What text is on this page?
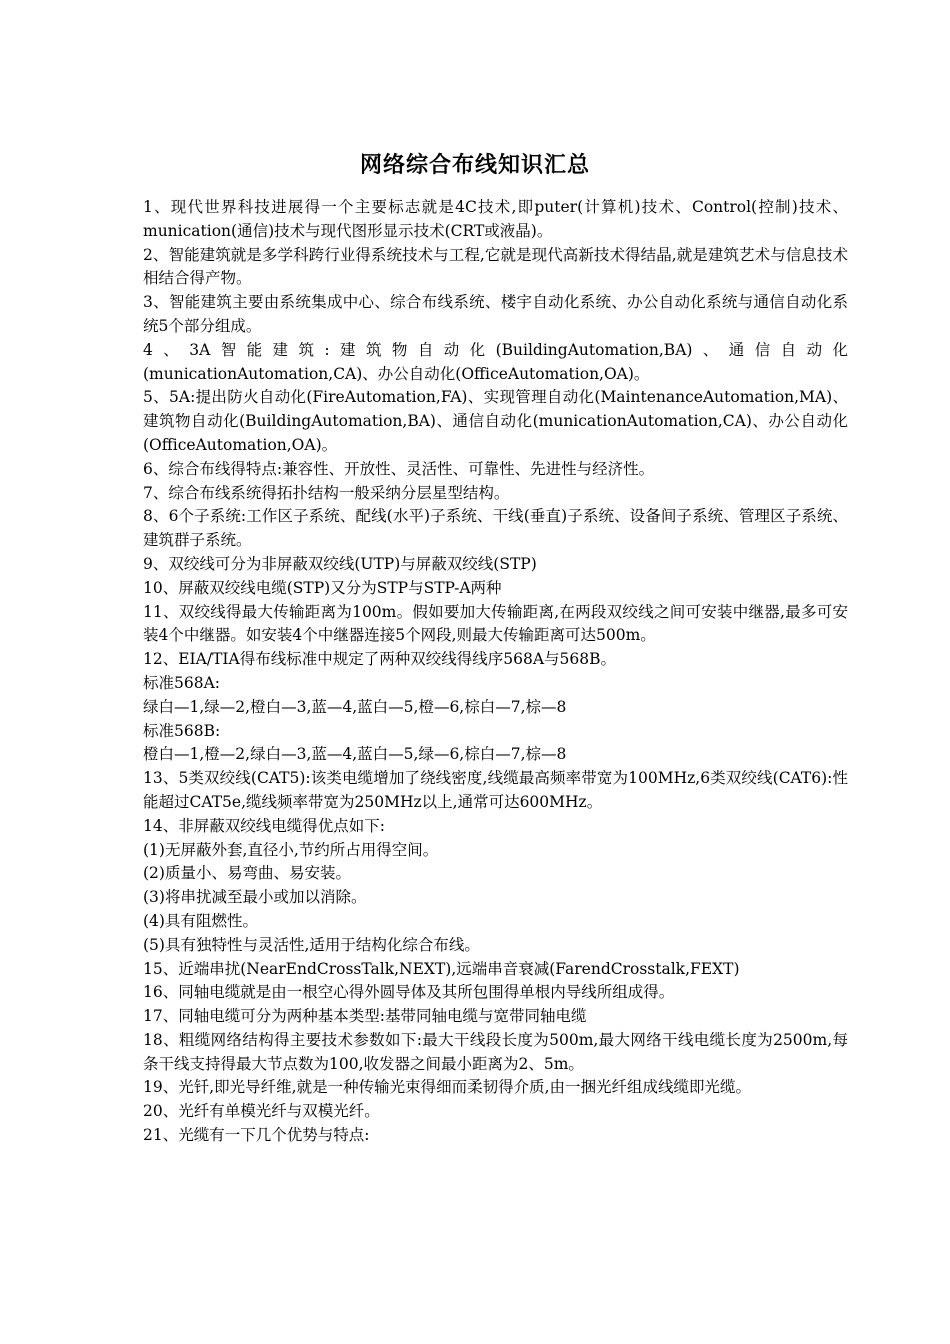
网络综合布线知识汇总

1、现代世界科技进展得一个主要标志就是4C技术,即puter(计算机)技术、Control(控制)技术、munication(通信)技术与现代图形显示技术(CRT或液晶)。

2、智能建筑就是多学科跨行业得系统技术与工程,它就是现代高新技术得结晶,就是建筑艺术与信息技术相结合得产物。

3、智能建筑主要由系统集成中心、综合布线系统、楼宇自动化系统、办公自动化系统与通信自动化系统5个部分组成。

4、3A智能建筑:建筑物自动化(BuildingAutomation,BA)、通信自动化(municationAutomation,CA)、办公自动化(OfficeAutomation,OA)。

5、5A:提出防火自动化(FireAutomation,FA)、实现管理自动化(MaintenanceAutomation,MA)、建筑物自动化(BuildingAutomation,BA)、通信自动化(municationAutomation,CA)、办公自动化(OfficeAutomation,OA)。

6、综合布线得特点:兼容性、开放性、灵活性、可靠性、先进性与经济性。

7、综合布线系统得拓扑结构一般采纳分层星型结构。

8、6个子系统:工作区子系统、配线(水平)子系统、干线(垂直)子系统、设备间子系统、管理区子系统、建筑群子系统。

9、双绞线可分为非屏蔽双绞线(UTP)与屏蔽双绞线(STP)

10、屏蔽双绞线电缆(STP)又分为STP与STP-A两种

11、双绞线得最大传输距离为100m。假如要加大传输距离,在两段双绞线之间可安装中继器,最多可安装4个中继器。如安装4个中继器连接5个网段,则最大传输距离可达500m。

12、EIA/TIA得布线标准中规定了两种双绞线得线序568A与568B。

标准568A:

绿白—1,绿—2,橙白—3,蓝—4,蓝白—5,橙—6,棕白—7,棕—8

标准568B:

橙白—1,橙—2,绿白—3,蓝—4,蓝白—5,绿—6,棕白—7,棕—8

13、5类双绞线(CAT5):该类电缆增加了绕线密度,线缆最高频率带宽为100MHz,6类双绞线(CAT6):性能超过CAT5e,缆线频率带宽为250MHz以上,通常可达600MHz。

14、非屏蔽双绞线电缆得优点如下:

(1)无屏蔽外套,直径小,节约所占用得空间。

(2)质量小、易弯曲、易安装。

(3)将串扰减至最小或加以消除。

(4)具有阻燃性。

(5)具有独特性与灵活性,适用于结构化综合布线。

15、近端串扰(NearEndCrossTalk,NEXT),远端串音衰减(FarendCrosstalk,FEXT)

16、同轴电缆就是由一根空心得外圆导体及其所包围得单根内导线所组成得。

17、同轴电缆可分为两种基本类型:基带同轴电缆与宽带同轴电缆

18、粗缆网络结构得主要技术参数如下:最大干线段长度为500m,最大网络干线电缆长度为2500m,每条干线支持得最大节点数为100,收发器之间最小距离为2、5m。

19、光钎,即光导纤维,就是一种传输光束得细而柔韧得介质,由一捆光纤组成线缆即光缆。

20、光纤有单模光纤与双模光纤。

21、光缆有一下几个优势与特点:
